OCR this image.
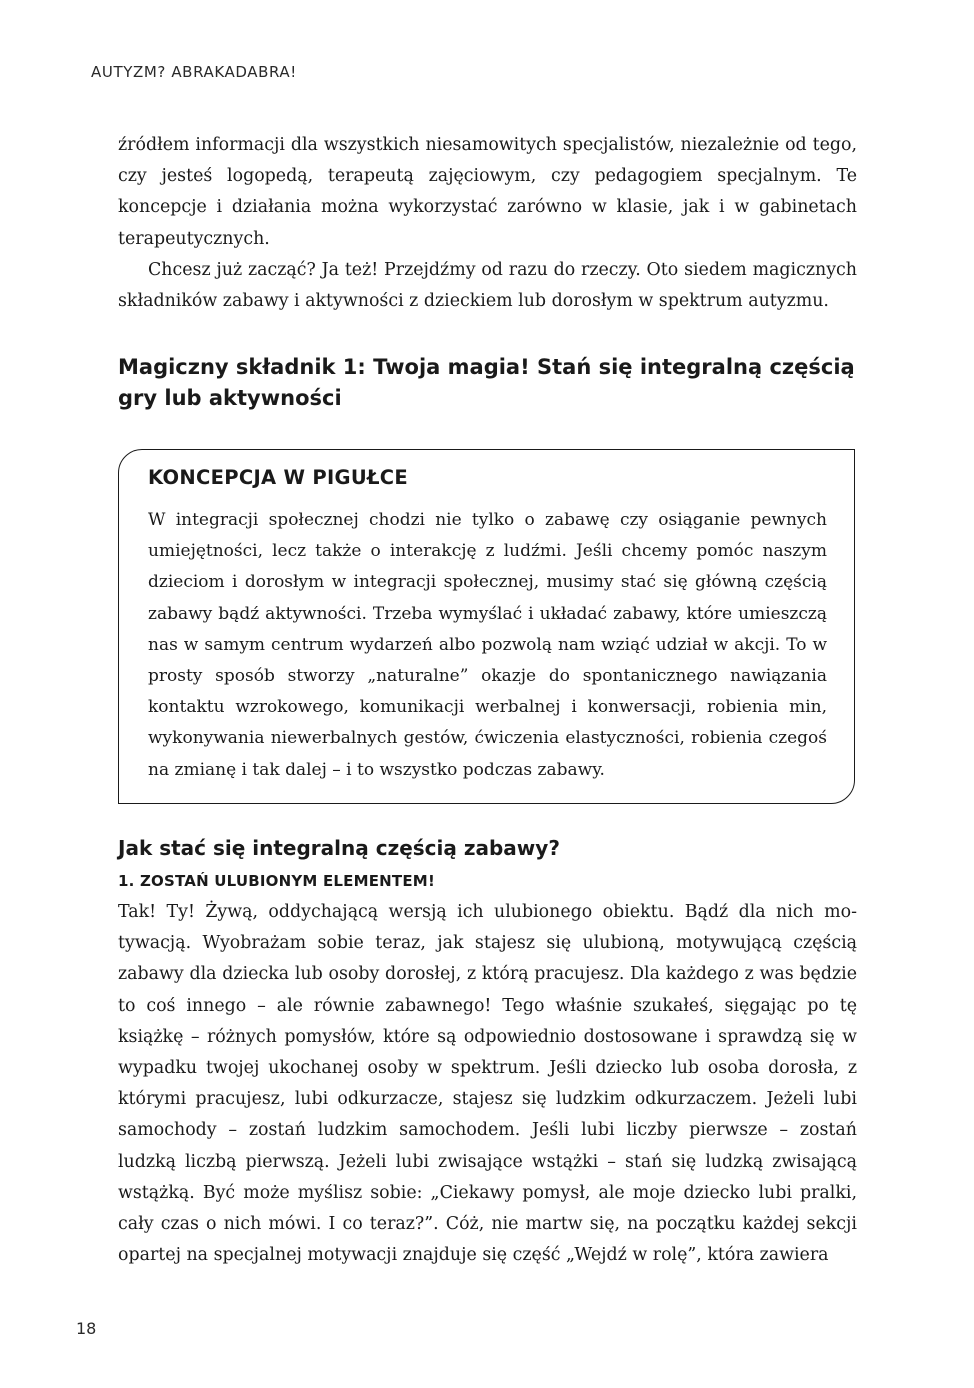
AUTYZM? ABRAKADABRA!

źródłem informacji dla wszystkich niesamowitych specjalistów, niezależnie od tego, czy jesteś logopedą, terapeutą zajęciowym, czy pedagogiem specjalnym. Te koncepcje i działania można wykorzystać zarówno w klasie, jak i w gabinetach terapeutycznych.

Chcesz już zacząć? Ja też! Przejdźmy od razu do rzeczy. Oto siedem magicznych składników zabawy i aktywności z dzieckiem lub dorosłym w spektrum autyzmu.

Magiczny składnik 1: Twoja magia! Stań się integralną częścią gry lub aktywności
KONCEPCJA W PIGUŁCE

W integracji społecznej chodzi nie tylko o zabawę czy osiąganie pewnych umiejętności, lecz także o interakcję z ludźmi. Jeśli chcemy pomóc naszym dzieciom i dorosłym w integracji społecznej, musimy stać się główną częścią zabawy bądź aktywności. Trzeba wymyślać i układać zabawy, które umieszczą nas w samym centrum wydarzeń albo pozwolą nam wziąć udział w akcji. To w prosty sposób stworzy „naturalne” okazje do spontanicznego nawiązania kontaktu wzrokowego, komunikacji werbalnej i konwersacji, robienia min, wykonywania niewerbalnych gestów, ćwiczenia elastyczności, robienia czegoś na zmianę i tak dalej – i to wszystko podczas zabawy.

Jak stać się integralną częścią zabawy?
1. ZOSTAŃ ULUBIONYM ELEMENTEM!

Tak! Ty! Żywą, oddychającą wersją ich ulubionego obiektu. Bądź dla nich motywacją. Wyobrażam sobie teraz, jak stajesz się ulubioną, motywującą częścią zabawy dla dziecka lub osoby dorosłej, z którą pracujesz. Dla każdego z was będzie to coś innego – ale równie zabawnego! Tego właśnie szukałeś, sięgając po tę książkę – różnych pomysłów, które są odpowiednio dostosowane i sprawdzą się w wypadku twojej ukochanej osoby w spektrum. Jeśli dziecko lub osoba dorosła, z którymi pracujesz, lubi odkurzacze, stajesz się ludzkim odkurzaczem. Jeżeli lubi samochody – zostań ludzkim samochodem. Jeśli lubi liczby pierwsze – zostań ludzką liczbą pierwszą. Jeżeli lubi zwisające wstążki – stań się ludzką zwisającą wstążką. Być może myślisz sobie: „Ciekawy pomysł, ale moje dziecko lubi pralki, cały czas o nich mówi. I co teraz?”. Cóż, nie martw się, na początku każdej sekcji opartej na specjalnej motywacji znajduje się część „Wejdź w rolę”, która zawiera

18
